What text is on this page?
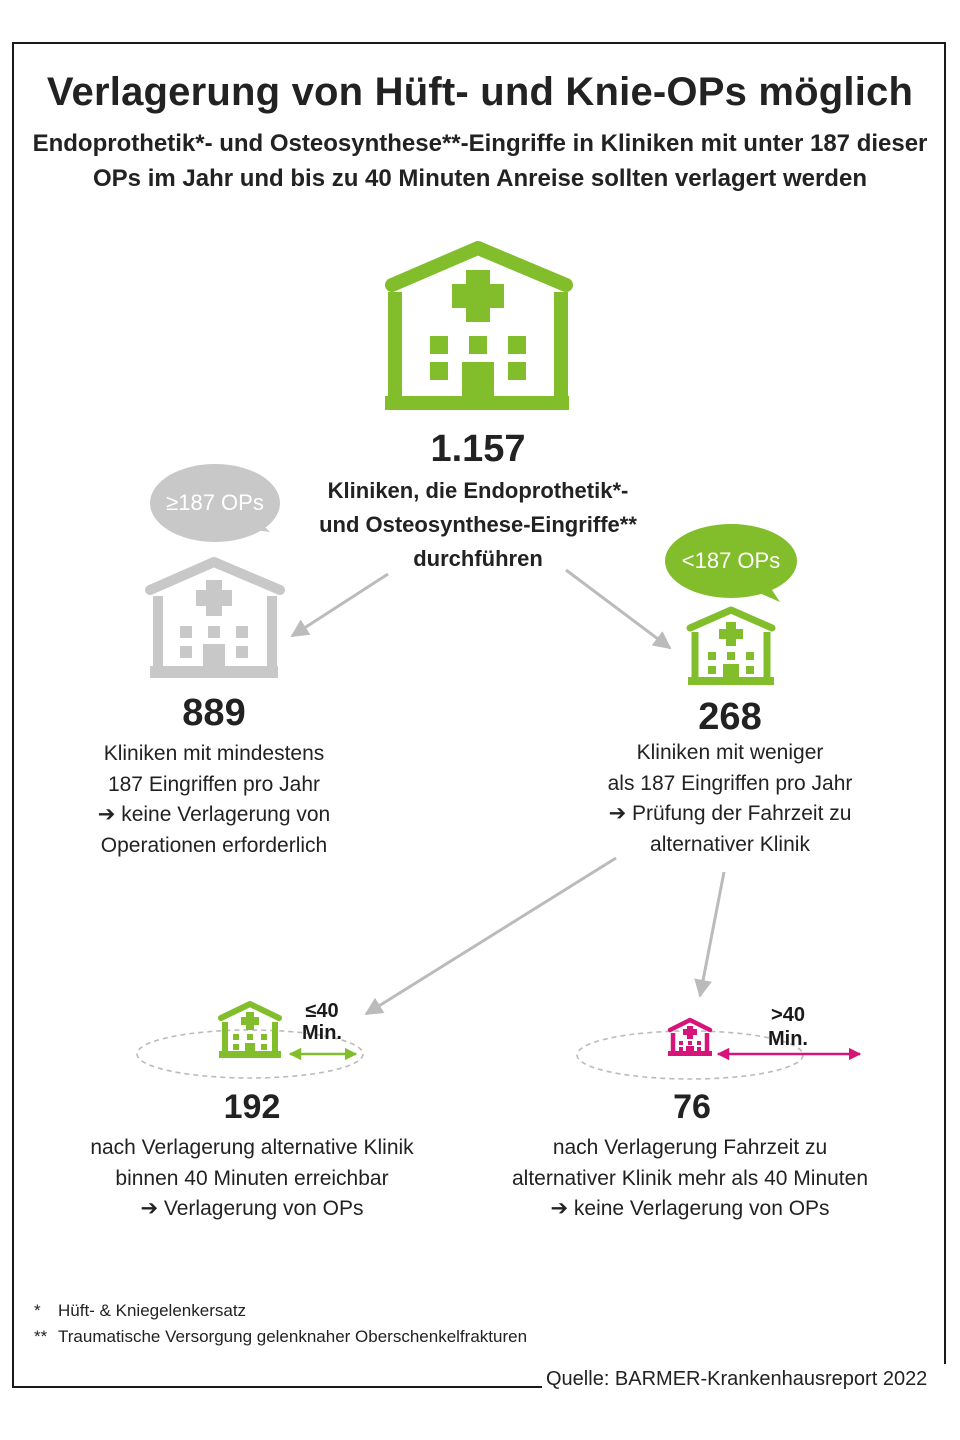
Verlagerung von Hüft- und Knie-OPs möglich
Endoprothetik*- und Osteosynthese**-Eingriffe in Kliniken mit unter 187 dieser
OPs im Jahr und bis zu 40 Minuten Anreise sollten verlagert werden
≥187 OPs
<187 OPs
1.157
Kliniken, die Endoprothetik*-
und Osteosynthese-Eingriffe**
durchführen
889
Kliniken mit mindestens
187 Eingriffen pro Jahr
➔ keine Verlagerung von
Operationen erforderlich
268
Kliniken mit weniger
als 187 Eingriffen pro Jahr
➔ Prüfung der Fahrzeit zu
alternativer Klinik
≤40
Min.
>40
Min.
192
nach Verlagerung alternative Klinik
binnen 40 Minuten erreichbar
➔ Verlagerung von OPs
76
nach Verlagerung Fahrzeit zu
alternativer Klinik mehr als 40 Minuten
➔ keine Verlagerung von OPs
*	Hüft- & Kniegelenkersatz
** Traumatische Versorgung gelenknaher Oberschenkelfrakturen
Quelle: BARMER-Krankenhausreport 2022
